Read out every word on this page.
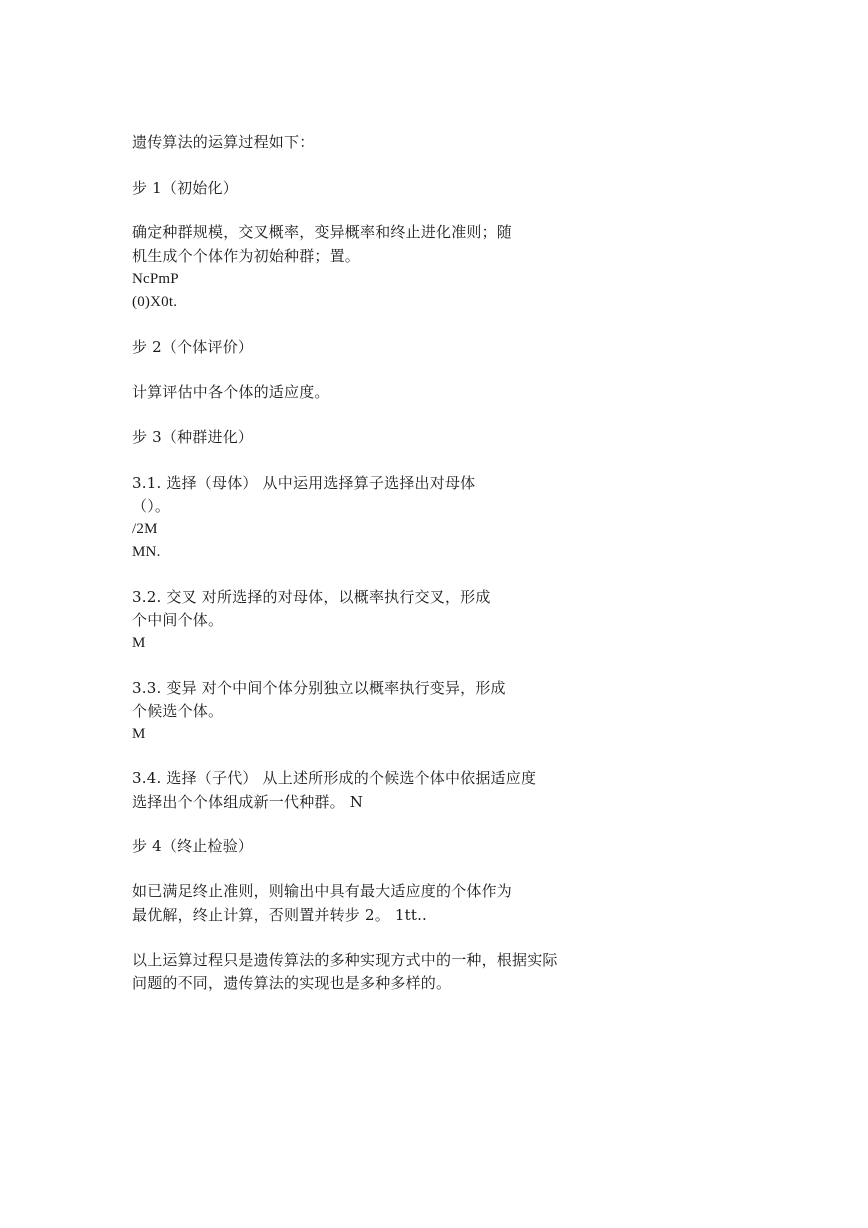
遗传算法的运算过程如下：
步 1（初始化）
确定种群规模，交叉概率，变异概率和终止进化准则；随
机生成个个体作为初始种群；置。
NcPmP
(0)X0t.
步 2（个体评价）
计算评估中各个体的适应度。
步 3（种群进化）
3.1. 选择（母体） 从中运用选择算子选择出对母体
（）。
/2M
MN.
3.2. 交叉 对所选择的对母体，以概率执行交叉，形成
个中间个体。
M
3.3. 变异 对个中间个体分别独立以概率执行变异，形成
个候选个体。
M
3.4. 选择（子代） 从上述所形成的个候选个体中依据适应度
选择出个个体组成新一代种群。 N
步 4（终止检验）
如已满足终止准则，则输出中具有最大适应度的个体作为
最优解，终止计算，否则置并转步 2。 1tt..
以上运算过程只是遗传算法的多种实现方式中的一种，根据实际
问题的不同，遗传算法的实现也是多种多样的。
